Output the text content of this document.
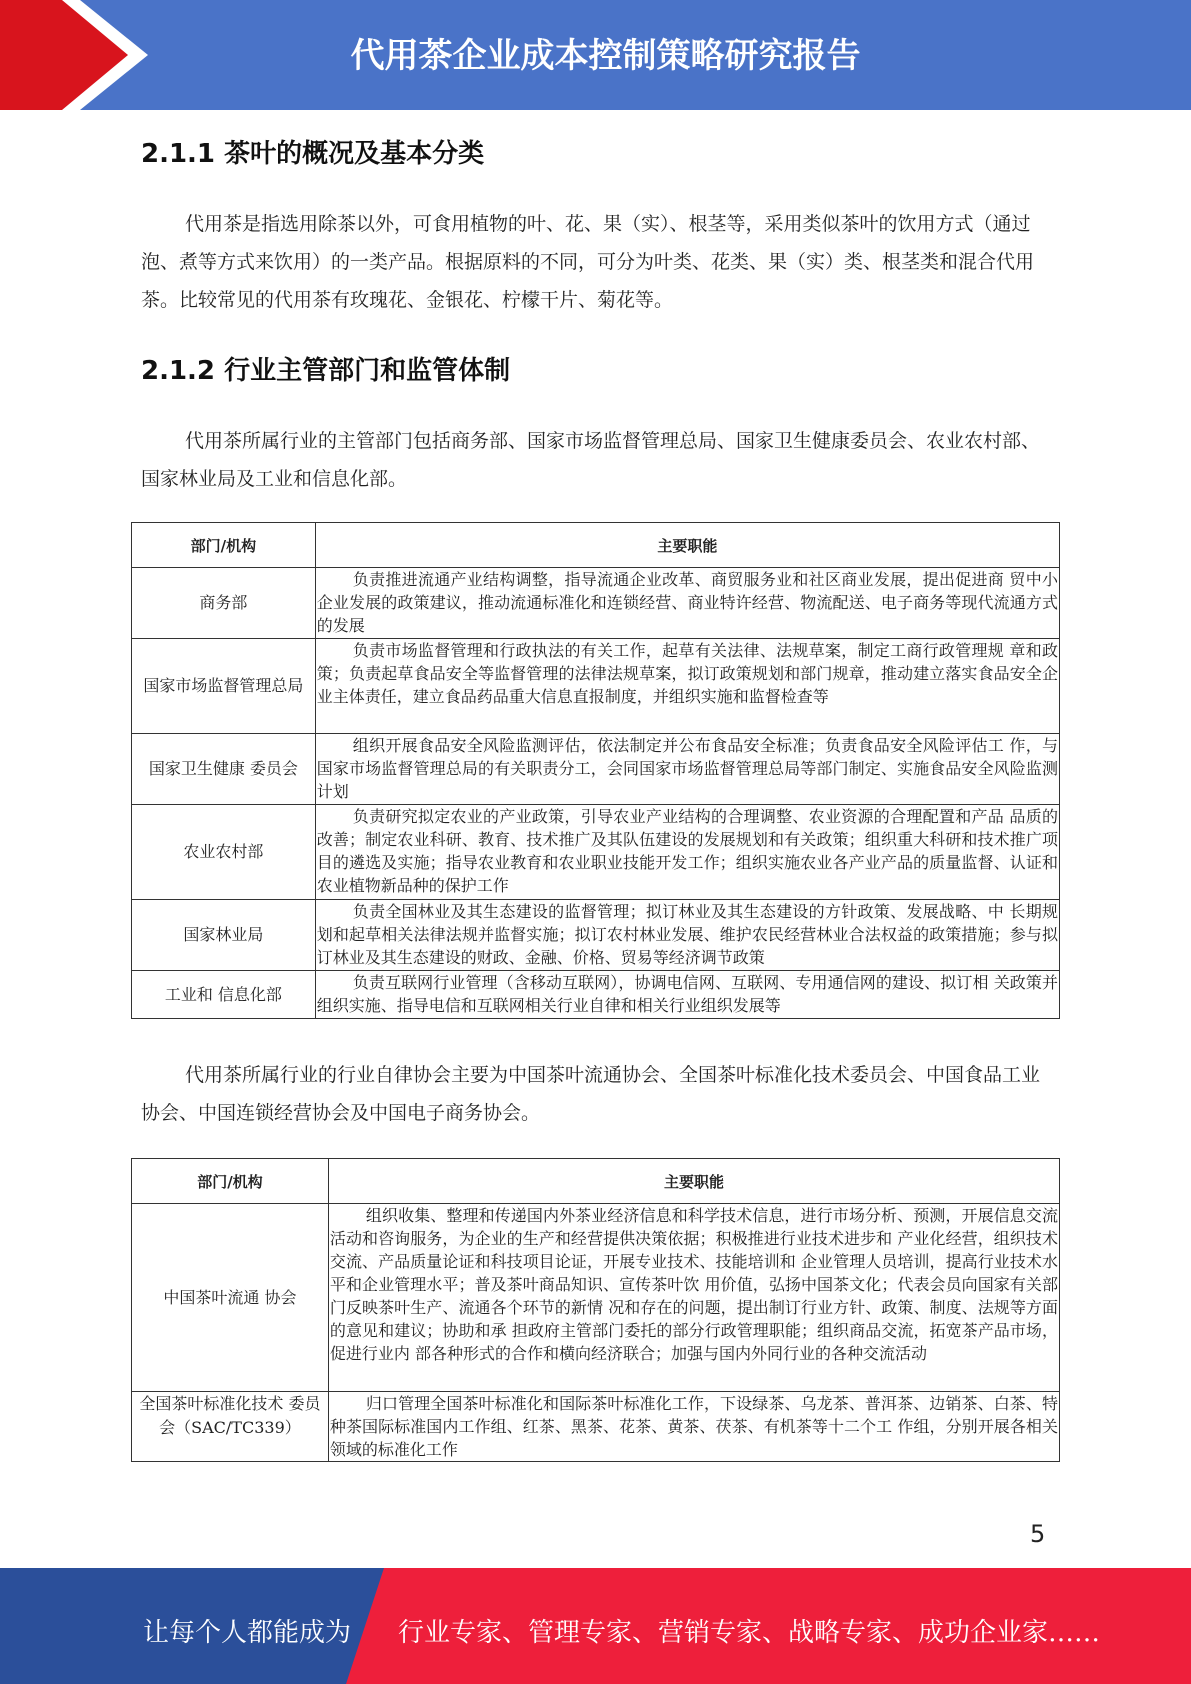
代用茶企业成本控制策略研究报告
2.1.1 茶叶的概况及基本分类
代用茶是指选用除茶以外，可食用植物的叶、花、果（实）、根茎等，采用类似茶叶的饮用方式（通过泡、煮等方式来饮用）的一类产品。根据原料的不同，可分为叶类、花类、果（实）类、根茎类和混合代用茶。比较常见的代用茶有玫瑰花、金银花、柠檬干片、菊花等。
2.1.2 行业主管部门和监管体制
代用茶所属行业的主管部门包括商务部、国家市场监督管理总局、国家卫生健康委员会、农业农村部、国家林业局及工业和信息化部。
部门/机构	主要职能
商务部	负责推进流通产业结构调整，指导流通企业改革、商贸服务业和社区商业发展，提出促进商 贸中小企业发展的政策建议，推动流通标准化和连锁经营、商业特许经营、物流配送、电子商务等现代流通方式的发展
国家市场监督管理总局	负责市场监督管理和行政执法的有关工作，起草有关法律、法规草案，制定工商行政管理规 章和政策；负责起草食品安全等监督管理的法律法规草案，拟订政策规划和部门规章，推动建立落实食品安全企业主体责任，建立食品药品重大信息直报制度，并组织实施和监督检查等
国家卫生健康 委员会	组织开展食品安全风险监测评估，依法制定并公布食品安全标准；负责食品安全风险评估工 作，与国家市场监督管理总局的有关职责分工，会同国家市场监督管理总局等部门制定、实施食品安全风险监测计划
农业农村部	负责研究拟定农业的产业政策，引导农业产业结构的合理调整、农业资源的合理配置和产品 品质的改善；制定农业科研、教育、技术推广及其队伍建设的发展规划和有关政策；组织重大科研和技术推广项目的遴选及实施；指导农业教育和农业职业技能开发工作；组织实施农业各产业产品的质量监督、认证和农业植物新品种的保护工作
国家林业局	负责全国林业及其生态建设的监督管理；拟订林业及其生态建设的方针政策、发展战略、中 长期规划和起草相关法律法规并监督实施；拟订农村林业发展、维护农民经营林业合法权益的政策措施；参与拟订林业及其生态建设的财政、金融、价格、贸易等经济调节政策
工业和 信息化部	负责互联网行业管理（含移动互联网），协调电信网、互联网、专用通信网的建设、拟订相 关政策并组织实施、指导电信和互联网相关行业自律和相关行业组织发展等
代用茶所属行业的行业自律协会主要为中国茶叶流通协会、全国茶叶标准化技术委员会、中国食品工业协会、中国连锁经营协会及中国电子商务协会。
部门/机构	主要职能
中国茶叶流通 协会	组织收集、整理和传递国内外茶业经济信息和科学技术信息，进行市场分析、预测，开展信息交流活动和咨询服务，为企业的生产和经营提供决策依据；积极推进行业技术进步和 产业化经营，组织技术交流、产品质量论证和科技项目论证，开展专业技术、技能培训和 企业管理人员培训，提高行业技术水平和企业管理水平；普及茶叶商品知识、宣传茶叶饮 用价值，弘扬中国茶文化；代表会员向国家有关部门反映茶叶生产、流通各个环节的新情 况和存在的问题，提出制订行业方针、政策、制度、法规等方面的意见和建议；协助和承 担政府主管部门委托的部分行政管理职能；组织商品交流，拓宽茶产品市场，促进行业内 部各种形式的合作和横向经济联合；加强与国内外同行业的各种交流活动
全国茶叶标准化技术 委员会（SAC/TC339）	归口管理全国茶叶标准化和国际茶叶标准化工作，下设绿茶、乌龙茶、普洱茶、边销茶、白茶、特种茶国际标准国内工作组、红茶、黑茶、花茶、黄茶、茯茶、有机茶等十二个工 作组，分别开展各相关领域的标准化工作
5
让每个人都能成为 行业专家、管理专家、营销专家、战略专家、成功企业家……
